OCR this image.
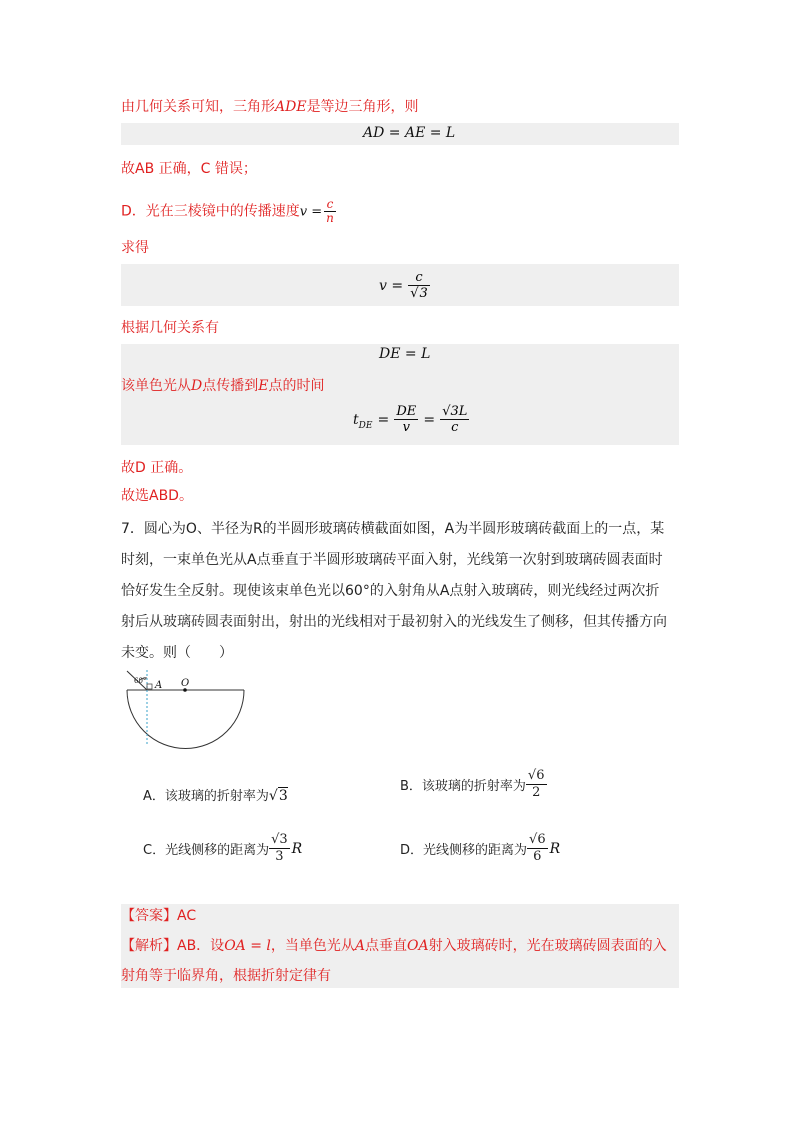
由几何关系可知，三角形ADE是等边三角形，则
AD = AE = L
故AB 正确，C 错误；
D．光在三棱镜中的传播速度$v = \frac{c}{n}$
求得
$v = \frac{c}{√3}$
根据几何关系有
DE = L
该单色光从D点传播到E点的时间
$t_{DE} = \frac{DE}{v} = \frac{√3L}{c}$
故D 正确。
故选ABD。
7．圆心为O、半径为R的半圆形玻璃砖横截面如图，A为半圆形玻璃砖截面上的一点，某
时刻，一束单色光从A点垂直于半圆形玻璃砖平面入射，光线第一次射到玻璃砖圆表面时
恰好发生全反射。现使该束单色光以60°的入射角从A点射入玻璃砖，则光线经过两次折
射后从玻璃砖圆表面射出，射出的光线相对于最初射入的光线发生了侧移，但其传播方向
未变。则（　　）
60° A O
A．该玻璃的折射率为√3
B．该玻璃的折射率为 $\frac{√6}{2}$
C．光线侧移的距离为 $\frac{√3}{3}$ R	D．光线侧移的距离为 $\frac{√6}{6}$ R
【答案】AC
【解析】AB．设OA = l，当单色光从A点垂直OA射入玻璃砖时，光在玻璃砖圆表面的入
射角等于临界角，根据折射定律有
